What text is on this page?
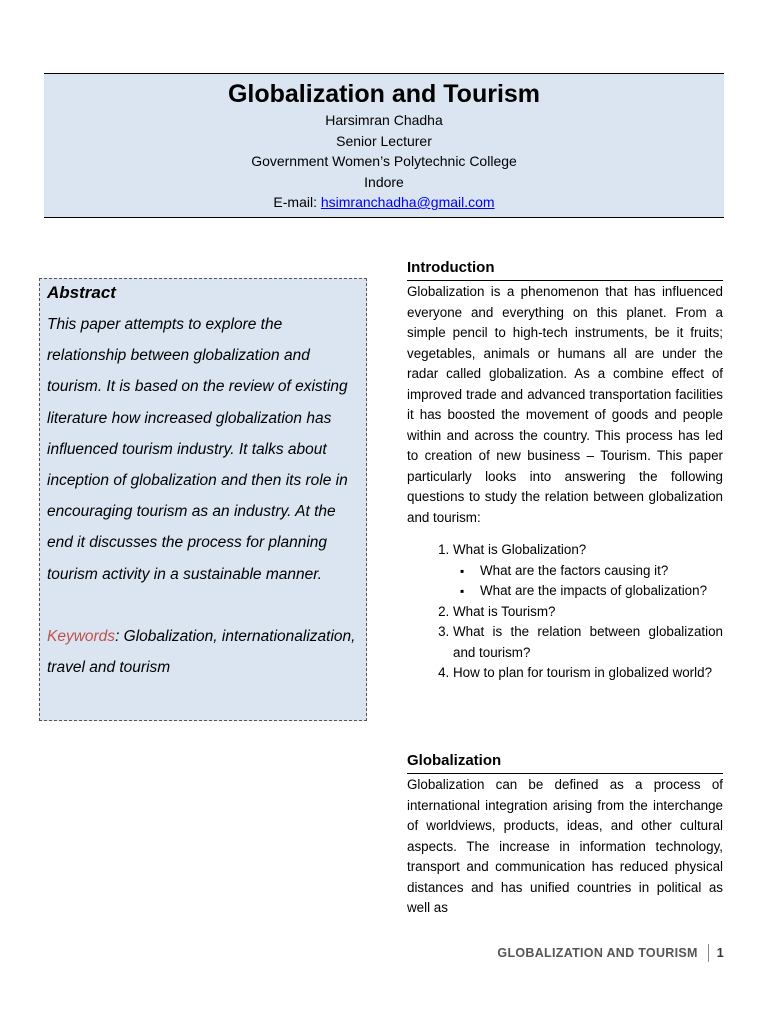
Globalization and Tourism
Harsimran Chadha
Senior Lecturer
Government Women’s Polytechnic College
Indore
E-mail: hsimranchadha@gmail.com
Abstract
This paper attempts to explore the relationship between globalization and tourism. It is based on the review of existing literature how increased globalization has influenced tourism industry. It talks about inception of globalization and then its role in encouraging tourism as an industry. At the end it discusses the process for planning tourism activity in a sustainable manner.
Keywords: Globalization, internationalization, travel and tourism
Introduction
Globalization is a phenomenon that has influenced everyone and everything on this planet. From a simple pencil to high-tech instruments, be it fruits; vegetables, animals or humans all are under the radar called globalization. As a combine effect of improved trade and advanced transportation facilities it has boosted the movement of goods and people within and across the country. This process has led to creation of new business – Tourism. This paper particularly looks into answering the following questions to study the relation between globalization and tourism:
1. What is Globalization?
▪ What are the factors causing it?
▪ What are the impacts of globalization?
2. What is Tourism?
3. What is the relation between globalization and tourism?
4. How to plan for tourism in globalized world?
Globalization
Globalization can be defined as a process of international integration arising from the interchange of worldviews, products, ideas, and other cultural aspects. The increase in information technology, transport and communication has reduced physical distances and has unified countries in political as well as
GLOBALIZATION AND TOURISM 1
